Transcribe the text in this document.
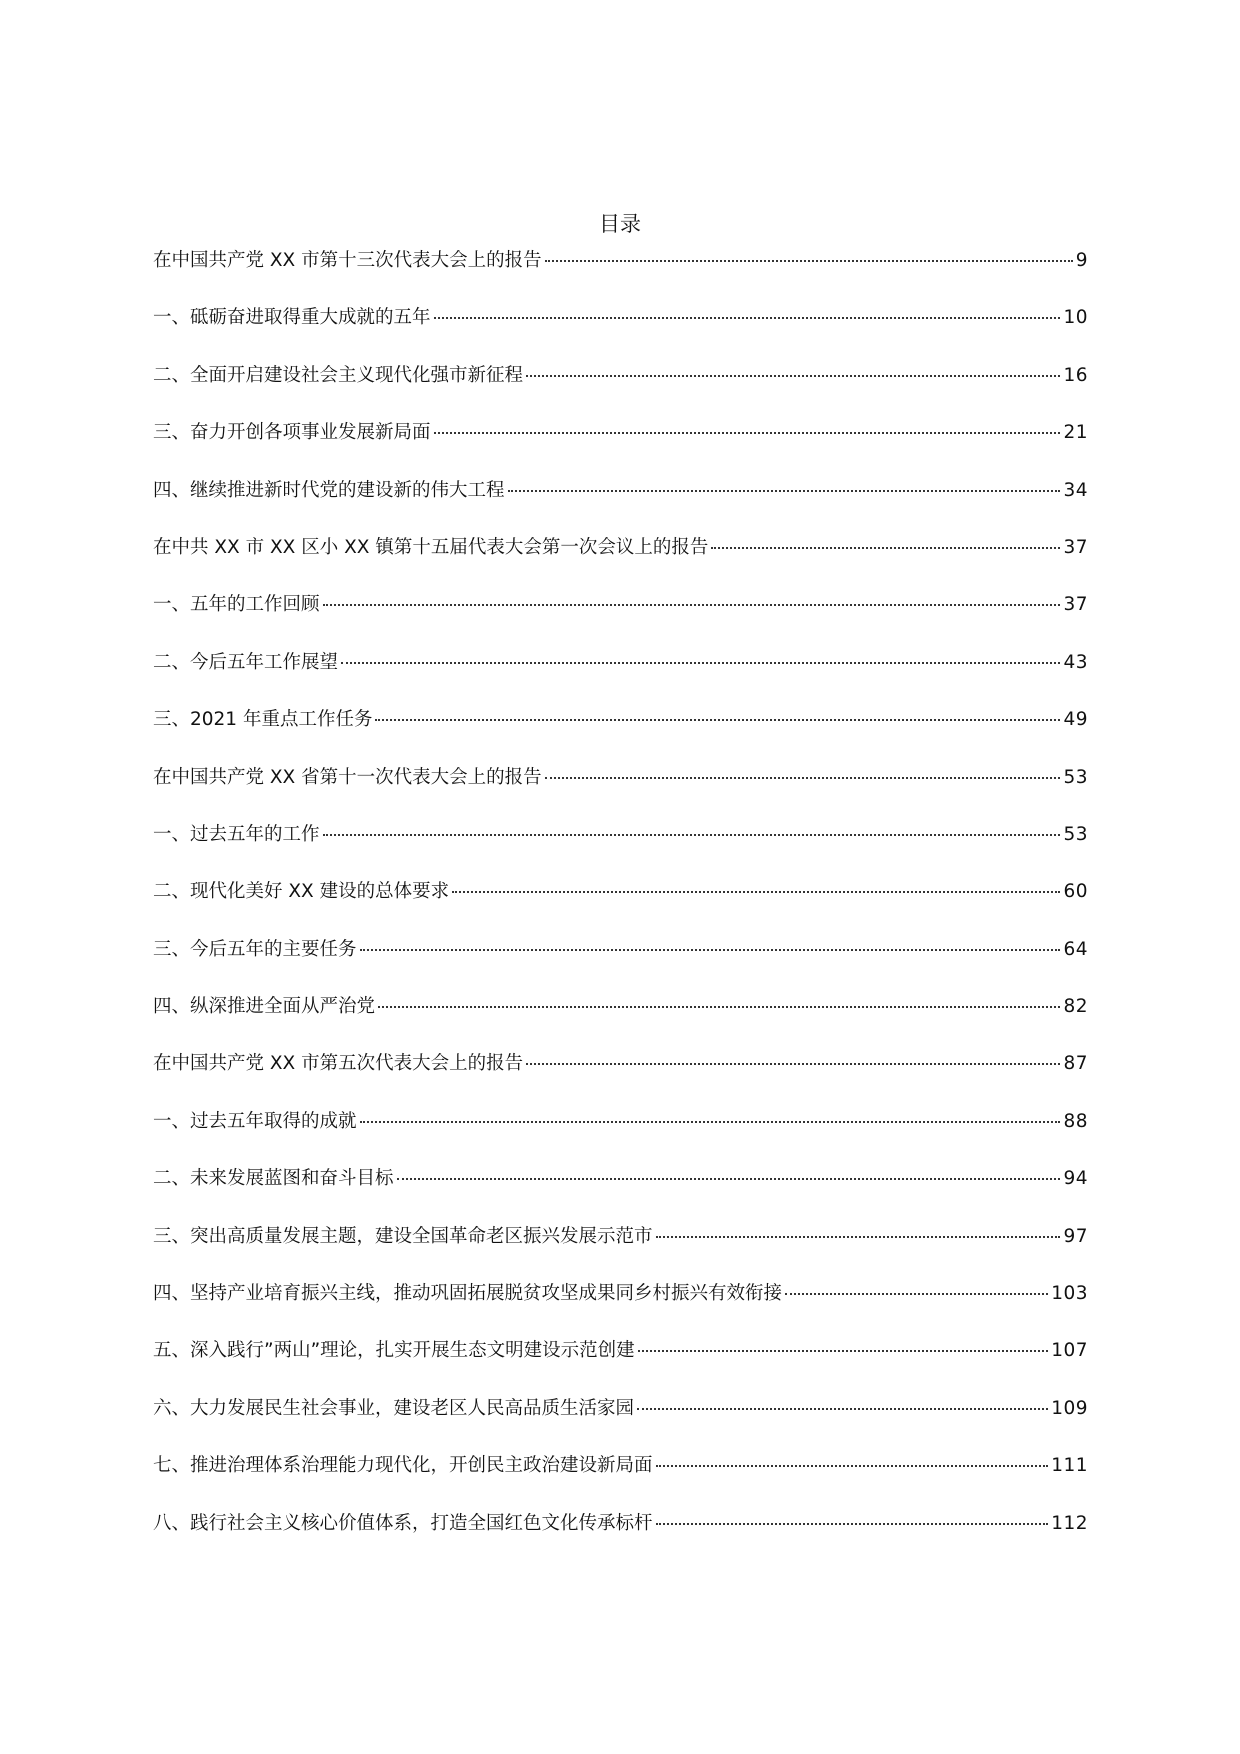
目录
在中国共产党 XX 市第十三次代表大会上的报告	9
一、砥砺奋进取得重大成就的五年	10
二、全面开启建设社会主义现代化强市新征程	16
三、奋力开创各项事业发展新局面	21
四、继续推进新时代党的建设新的伟大工程	34
在中共 XX 市 XX 区小 XX 镇第十五届代表大会第一次会议上的报告	37
一、五年的工作回顾	37
二、今后五年工作展望	43
三、2021 年重点工作任务	49
在中国共产党 XX 省第十一次代表大会上的报告	53
一、过去五年的工作	53
二、现代化美好 XX 建设的总体要求	60
三、今后五年的主要任务	64
四、纵深推进全面从严治党	82
在中国共产党 XX 市第五次代表大会上的报告	87
一、过去五年取得的成就	88
二、未来发展蓝图和奋斗目标	94
三、突出高质量发展主题，建设全国革命老区振兴发展示范市	97
四、坚持产业培育振兴主线，推动巩固拓展脱贫攻坚成果同乡村振兴有效衔接	103
五、深入践行”两山”理论，扎实开展生态文明建设示范创建	107
六、大力发展民生社会事业，建设老区人民高品质生活家园	109
七、推进治理体系治理能力现代化，开创民主政治建设新局面	111
八、践行社会主义核心价值体系，打造全国红色文化传承标杆	112
